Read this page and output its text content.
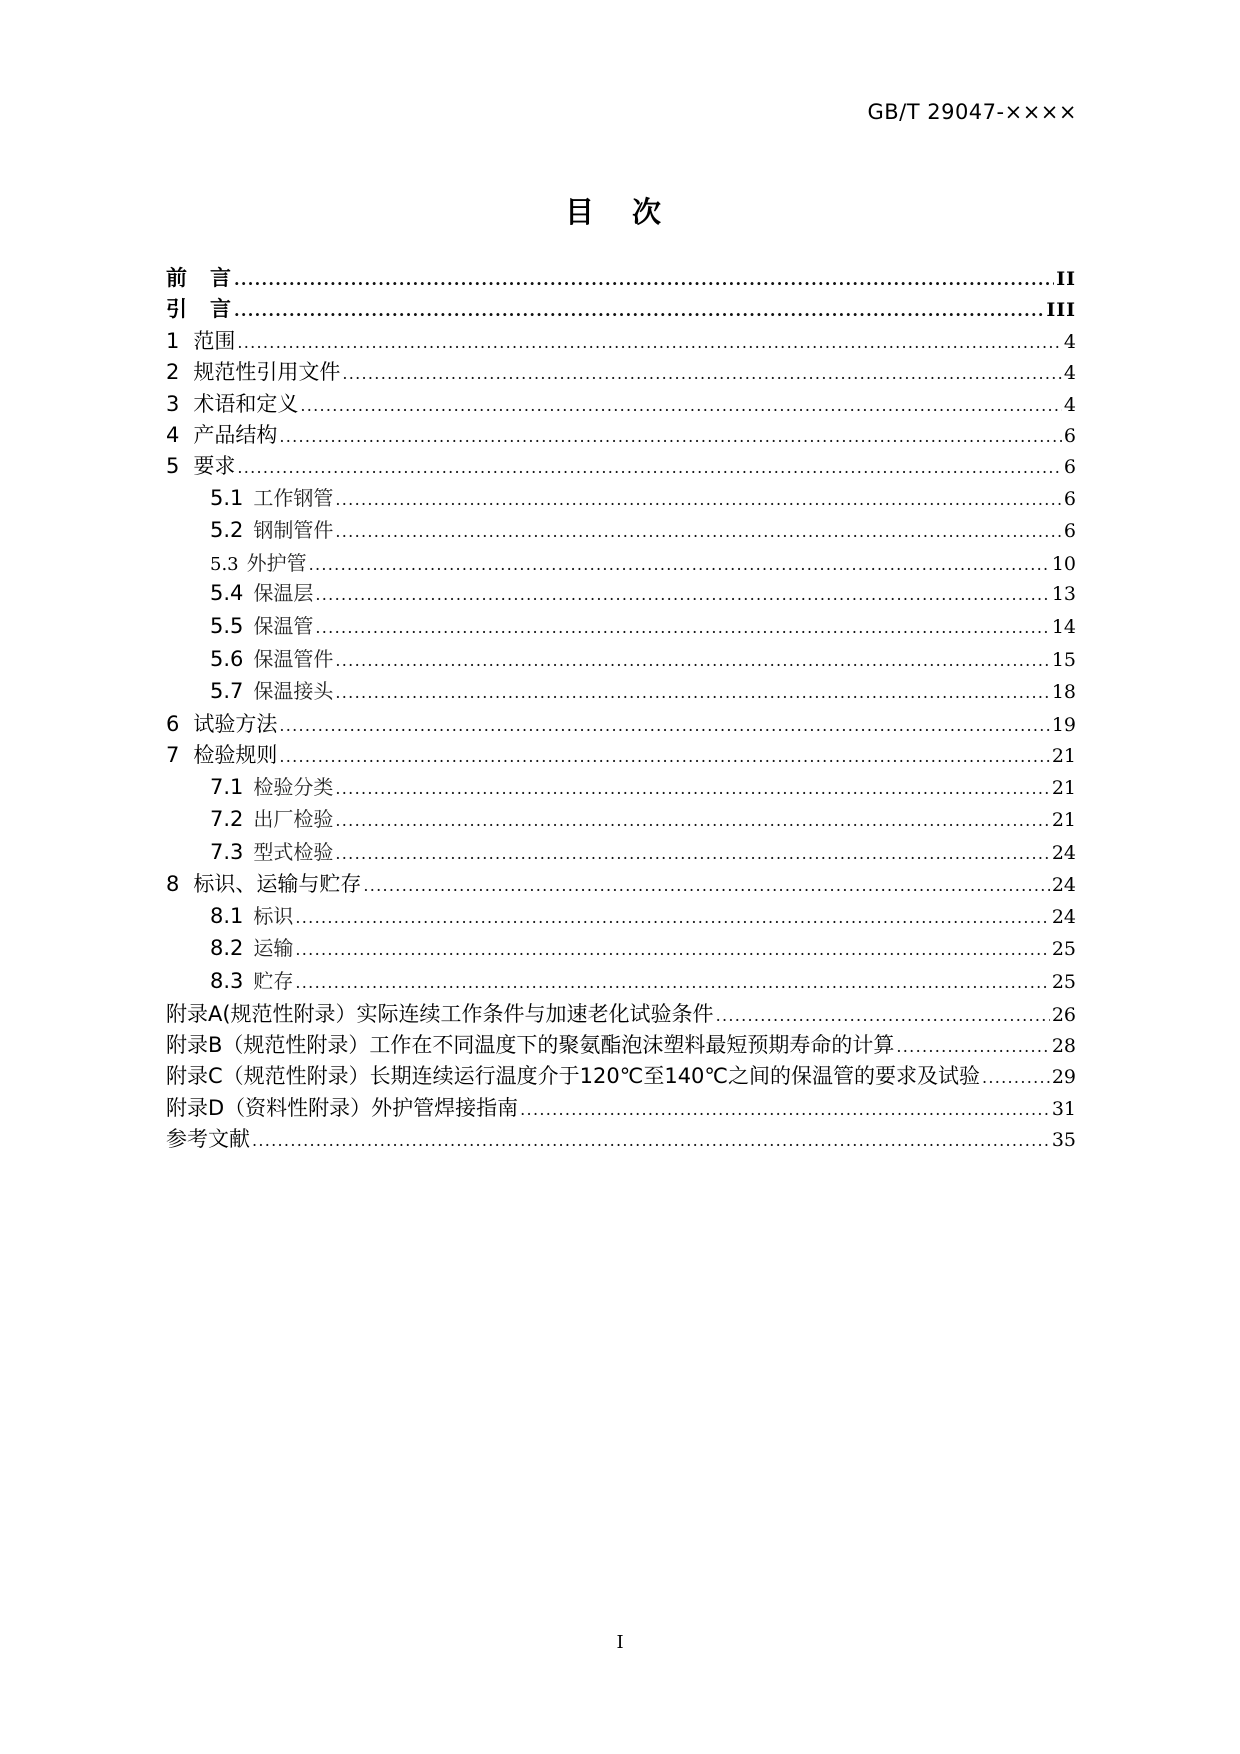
GB/T 29047-××××
目 次
前　言 .....	II
引　言 .....	III
1 范围 .....	4
2 规范性引用文件 .....	4
3 术语和定义 .....	4
4 产品结构 .....	6
5 要求 .....	6
5.1 工作钢管 .....	6
5.2 钢制管件 .....	6
5.3 外护管 .....	10
5.4 保温层 .....	13
5.5 保温管 .....	14
5.6 保温管件 .....	15
5.7 保温接头 .....	18
6 试验方法 .....	19
7 检验规则 .....	21
7.1 检验分类 .....	21
7.2 出厂检验 .....	21
7.3 型式检验 .....	24
8 标识、运输与贮存 .....	24
8.1 标识 .....	24
8.2 运输 .....	25
8.3 贮存 .....	25
附录A(规范性附录）实际连续工作条件与加速老化试验条件 .....	26
附录B（规范性附录）工作在不同温度下的聚氨酯泡沫塑料最短预期寿命的计算 .....	28
附录C（规范性附录）长期连续运行温度介于120℃至140℃之间的保温管的要求及试验 .....	29
附录D（资料性附录）外护管焊接指南 .....	31
参考文献 .....	35
I
